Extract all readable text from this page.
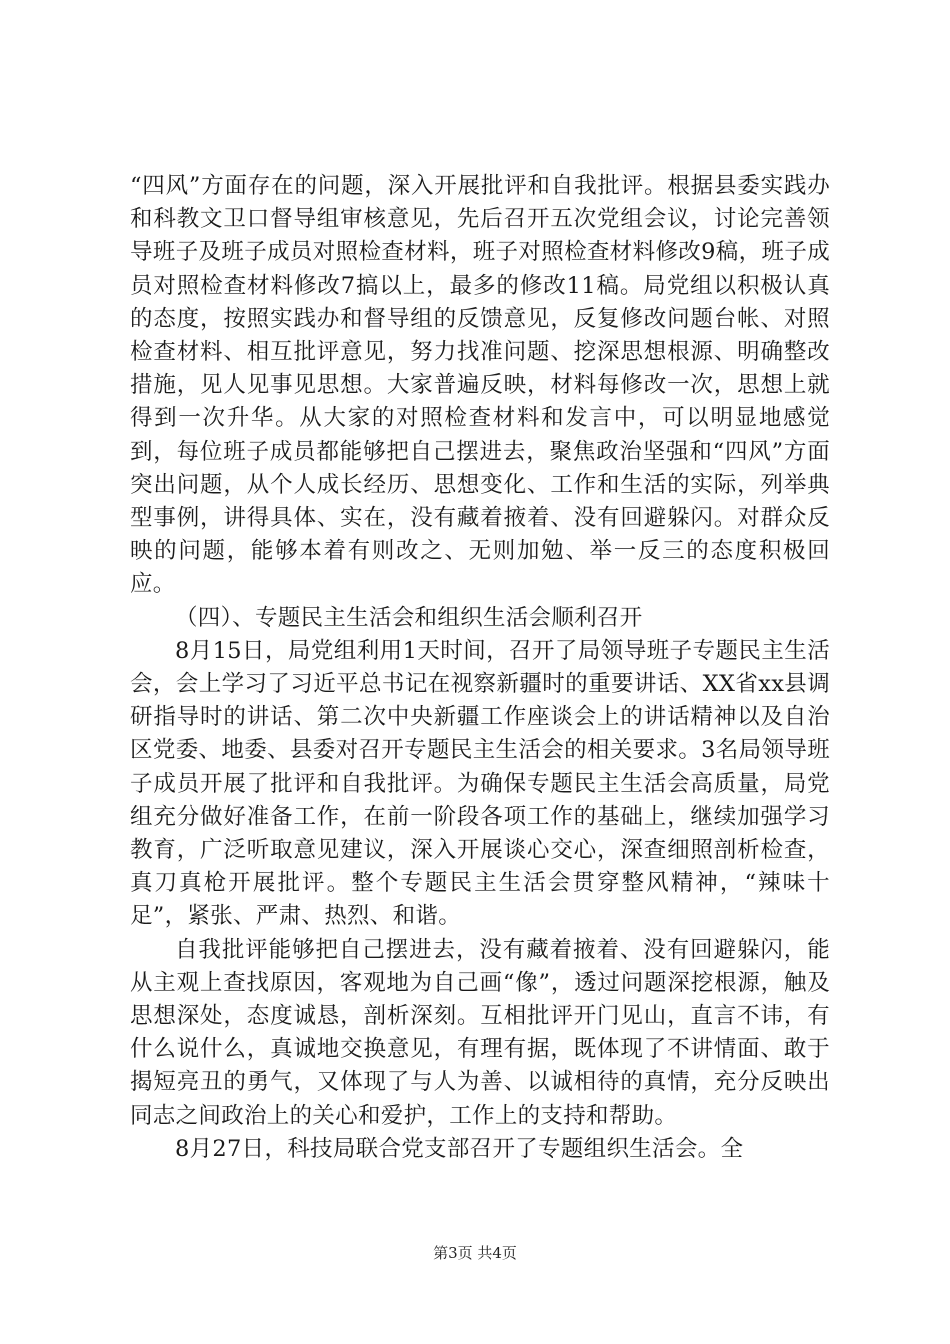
“四风”方面存在的问题，深入开展批评和自我批评。根据县委实践办和科教文卫口督导组审核意见，先后召开五次党组会议，讨论完善领导班子及班子成员对照检查材料，班子对照检查材料修改9稿，班子成员对照检查材料修改7搞以上，最多的修改11稿。局党组以积极认真的态度，按照实践办和督导组的反馈意见，反复修改问题台帐、对照检查材料、相互批评意见，努力找准问题、挖深思想根源、明确整改措施，见人见事见思想。大家普遍反映，材料每修改一次，思想上就得到一次升华。从大家的对照检查材料和发言中，可以明显地感觉到，每位班子成员都能够把自己摆进去，聚焦政治坚强和“四风”方面突出问题，从个人成长经历、思想变化、工作和生活的实际，列举典型事例，讲得具体、实在，没有藏着掖着、没有回避躲闪。对群众反映的问题，能够本着有则改之、无则加勉、举一反三的态度积极回应。

（四）、专题民主生活会和组织生活会顺利召开

8月15日，局党组利用1天时间，召开了局领导班子专题民主生活会，会上学习了习近平总书记在视察新疆时的重要讲话、XX省xx县调研指导时的讲话、第二次中央新疆工作座谈会上的讲话精神以及自治区党委、地委、县委对召开专题民主生活会的相关要求。3名局领导班子成员开展了批评和自我批评。为确保专题民主生活会高质量，局党组充分做好准备工作，在前一阶段各项工作的基础上，继续加强学习教育，广泛听取意见建议，深入开展谈心交心，深查细照剖析检查，真刀真枪开展批评。整个专题民主生活会贯穿整风精神，“辣味十足”，紧张、严肃、热烈、和谐。

自我批评能够把自己摆进去，没有藏着掖着、没有回避躲闪，能从主观上查找原因，客观地为自己画“像”，透过问题深挖根源，触及思想深处，态度诚恳，剖析深刻。互相批评开门见山，直言不讳，有什么说什么，真诚地交换意见，有理有据，既体现了不讲情面、敢于揭短亮丑的勇气，又体现了与人为善、以诚相待的真情，充分反映出同志之间政治上的关心和爱护，工作上的支持和帮助。

8月27日，科技局联合党支部召开了专题组织生活会。全

第3页 共4页
